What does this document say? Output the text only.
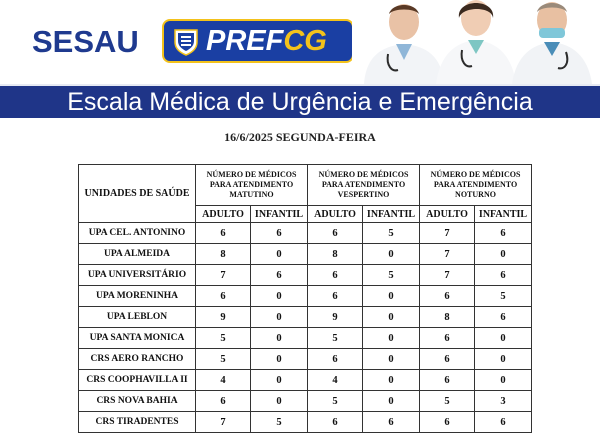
SESAU PREFCG
Escala Médica de Urgência e Emergência
16/6/2025 SEGUNDA-FEIRA
UNIDADES DE SAÚDE	NÚMERO DE MÉDICOS PARA ATENDIMENTO MATUTINO		NÚMERO DE MÉDICOS PARA ATENDIMENTO VESPERTINO		NÚMERO DE MÉDICOS PARA ATENDIMENTO NOTURNO	
	ADULTO	INFANTIL	ADULTO	INFANTIL	ADULTO	INFANTIL
UPA CEL. ANTONINO	6	6	6	5	7	6
UPA ALMEIDA	8	0	8	0	7	0
UPA UNIVERSITÁRIO	7	6	6	5	7	6
UPA MORENINHA	6	0	6	0	6	5
UPA LEBLON	9	0	9	0	8	6
UPA SANTA MONICA	5	0	5	0	6	0
CRS AERO RANCHO	5	0	6	0	6	0
CRS COOPHAVILLA II	4	0	4	0	6	0
CRS NOVA BAHIA	6	0	5	0	5	3
CRS TIRADENTES	7	5	6	6	6	6
